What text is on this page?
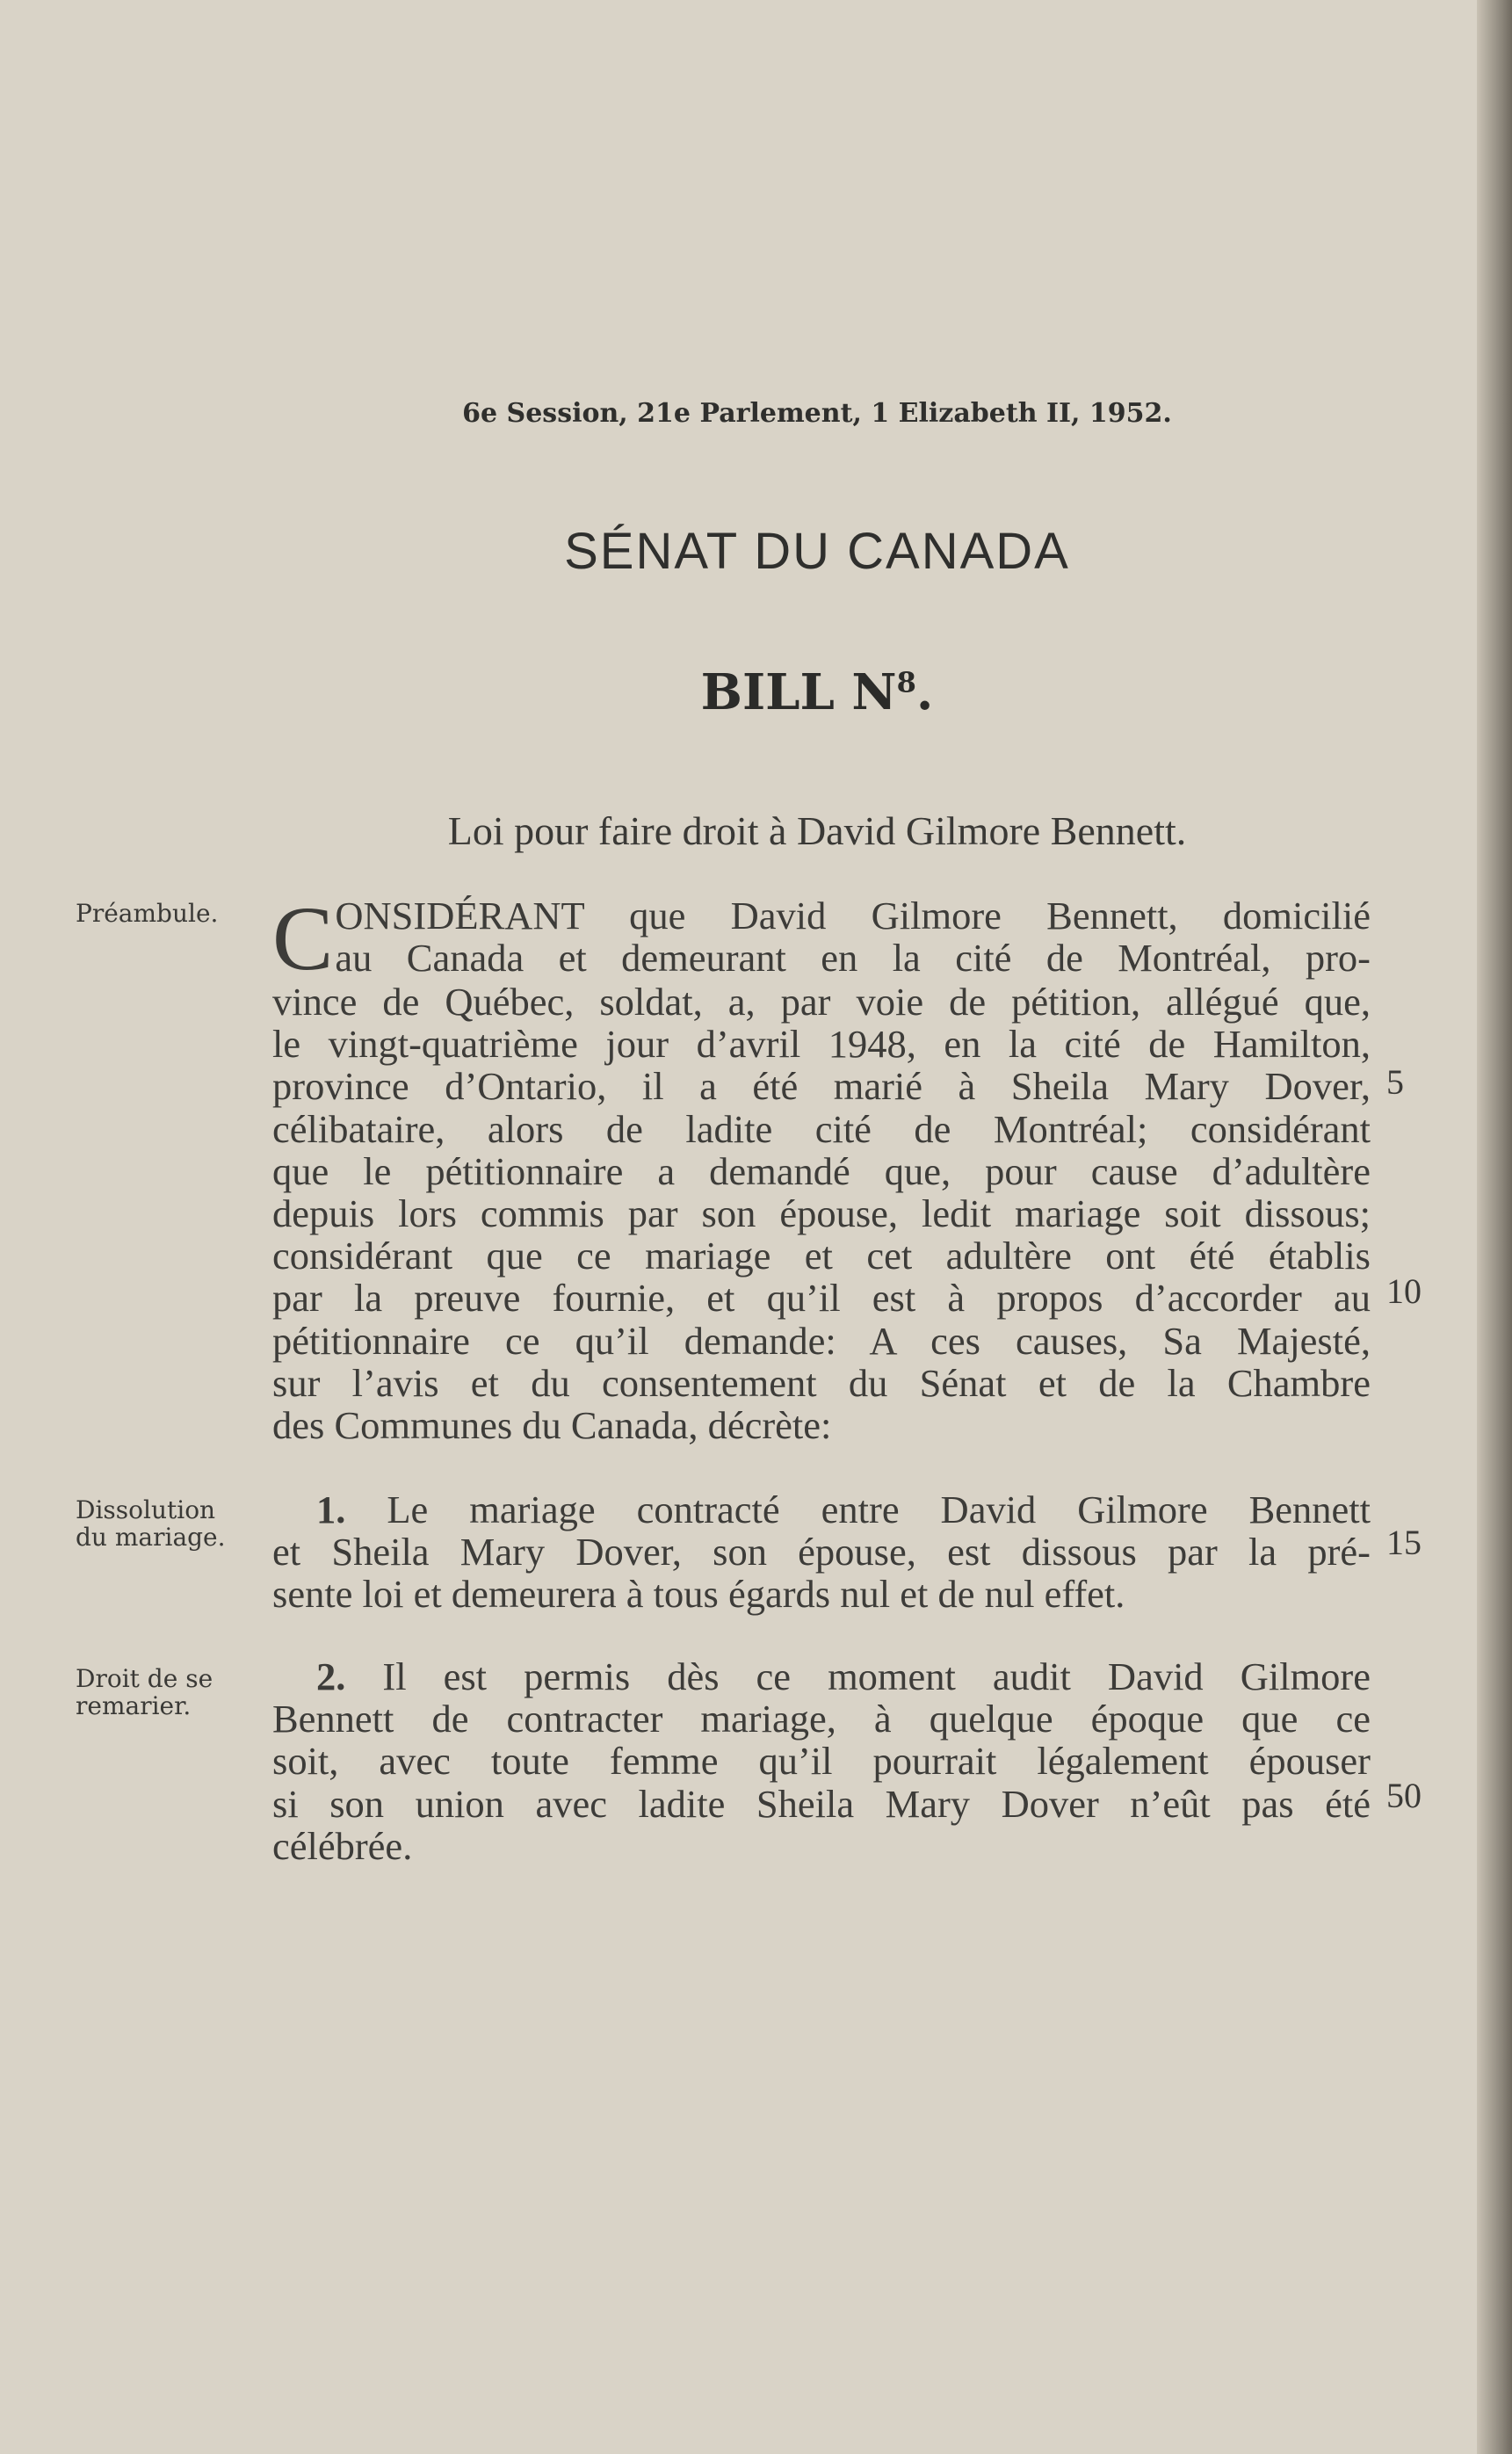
6e Session, 21e Parlement, 1 Elizabeth II, 1952.
SÉNAT DU CANADA
BILL $N^8$.
Loi pour faire droit à David Gilmore Bennett.
Préambule.
Dissolution
du mariage.
Droit de se
remarier.
C ONSIDÉRANT que David Gilmore Bennett, domicilié
au Canada et demeurant en la cité de Montréal, pro-
vince de Québec, soldat, a, par voie de pétition, allégué que,
le vingt-quatrième jour d’avril 1948, en la cité de Hamilton,
province d’Ontario, il a été marié à Sheila Mary Dover,
célibataire, alors de ladite cité de Montréal; considérant
que le pétitionnaire a demandé que, pour cause d’adultère
depuis lors commis par son épouse, ledit mariage soit dissous;
considérant que ce mariage et cet adultère ont été établis
par la preuve fournie, et qu’il est à propos d’accorder au
pétitionnaire ce qu’il demande: A ces causes, Sa Majesté,
sur l’avis et du consentement du Sénat et de la Chambre
des Communes du Canada, décrète:
1. Le mariage contracté entre David Gilmore Bennett
et Sheila Mary Dover, son épouse, est dissous par la pré-
sente loi et demeurera à tous égards nul et de nul effet.
2. Il est permis dès ce moment audit David Gilmore
Bennett de contracter mariage, à quelque époque que ce
soit, avec toute femme qu’il pourrait légalement épouser
si son union avec ladite Sheila Mary Dover n’eût pas été
célébrée.
5
10
15
50
